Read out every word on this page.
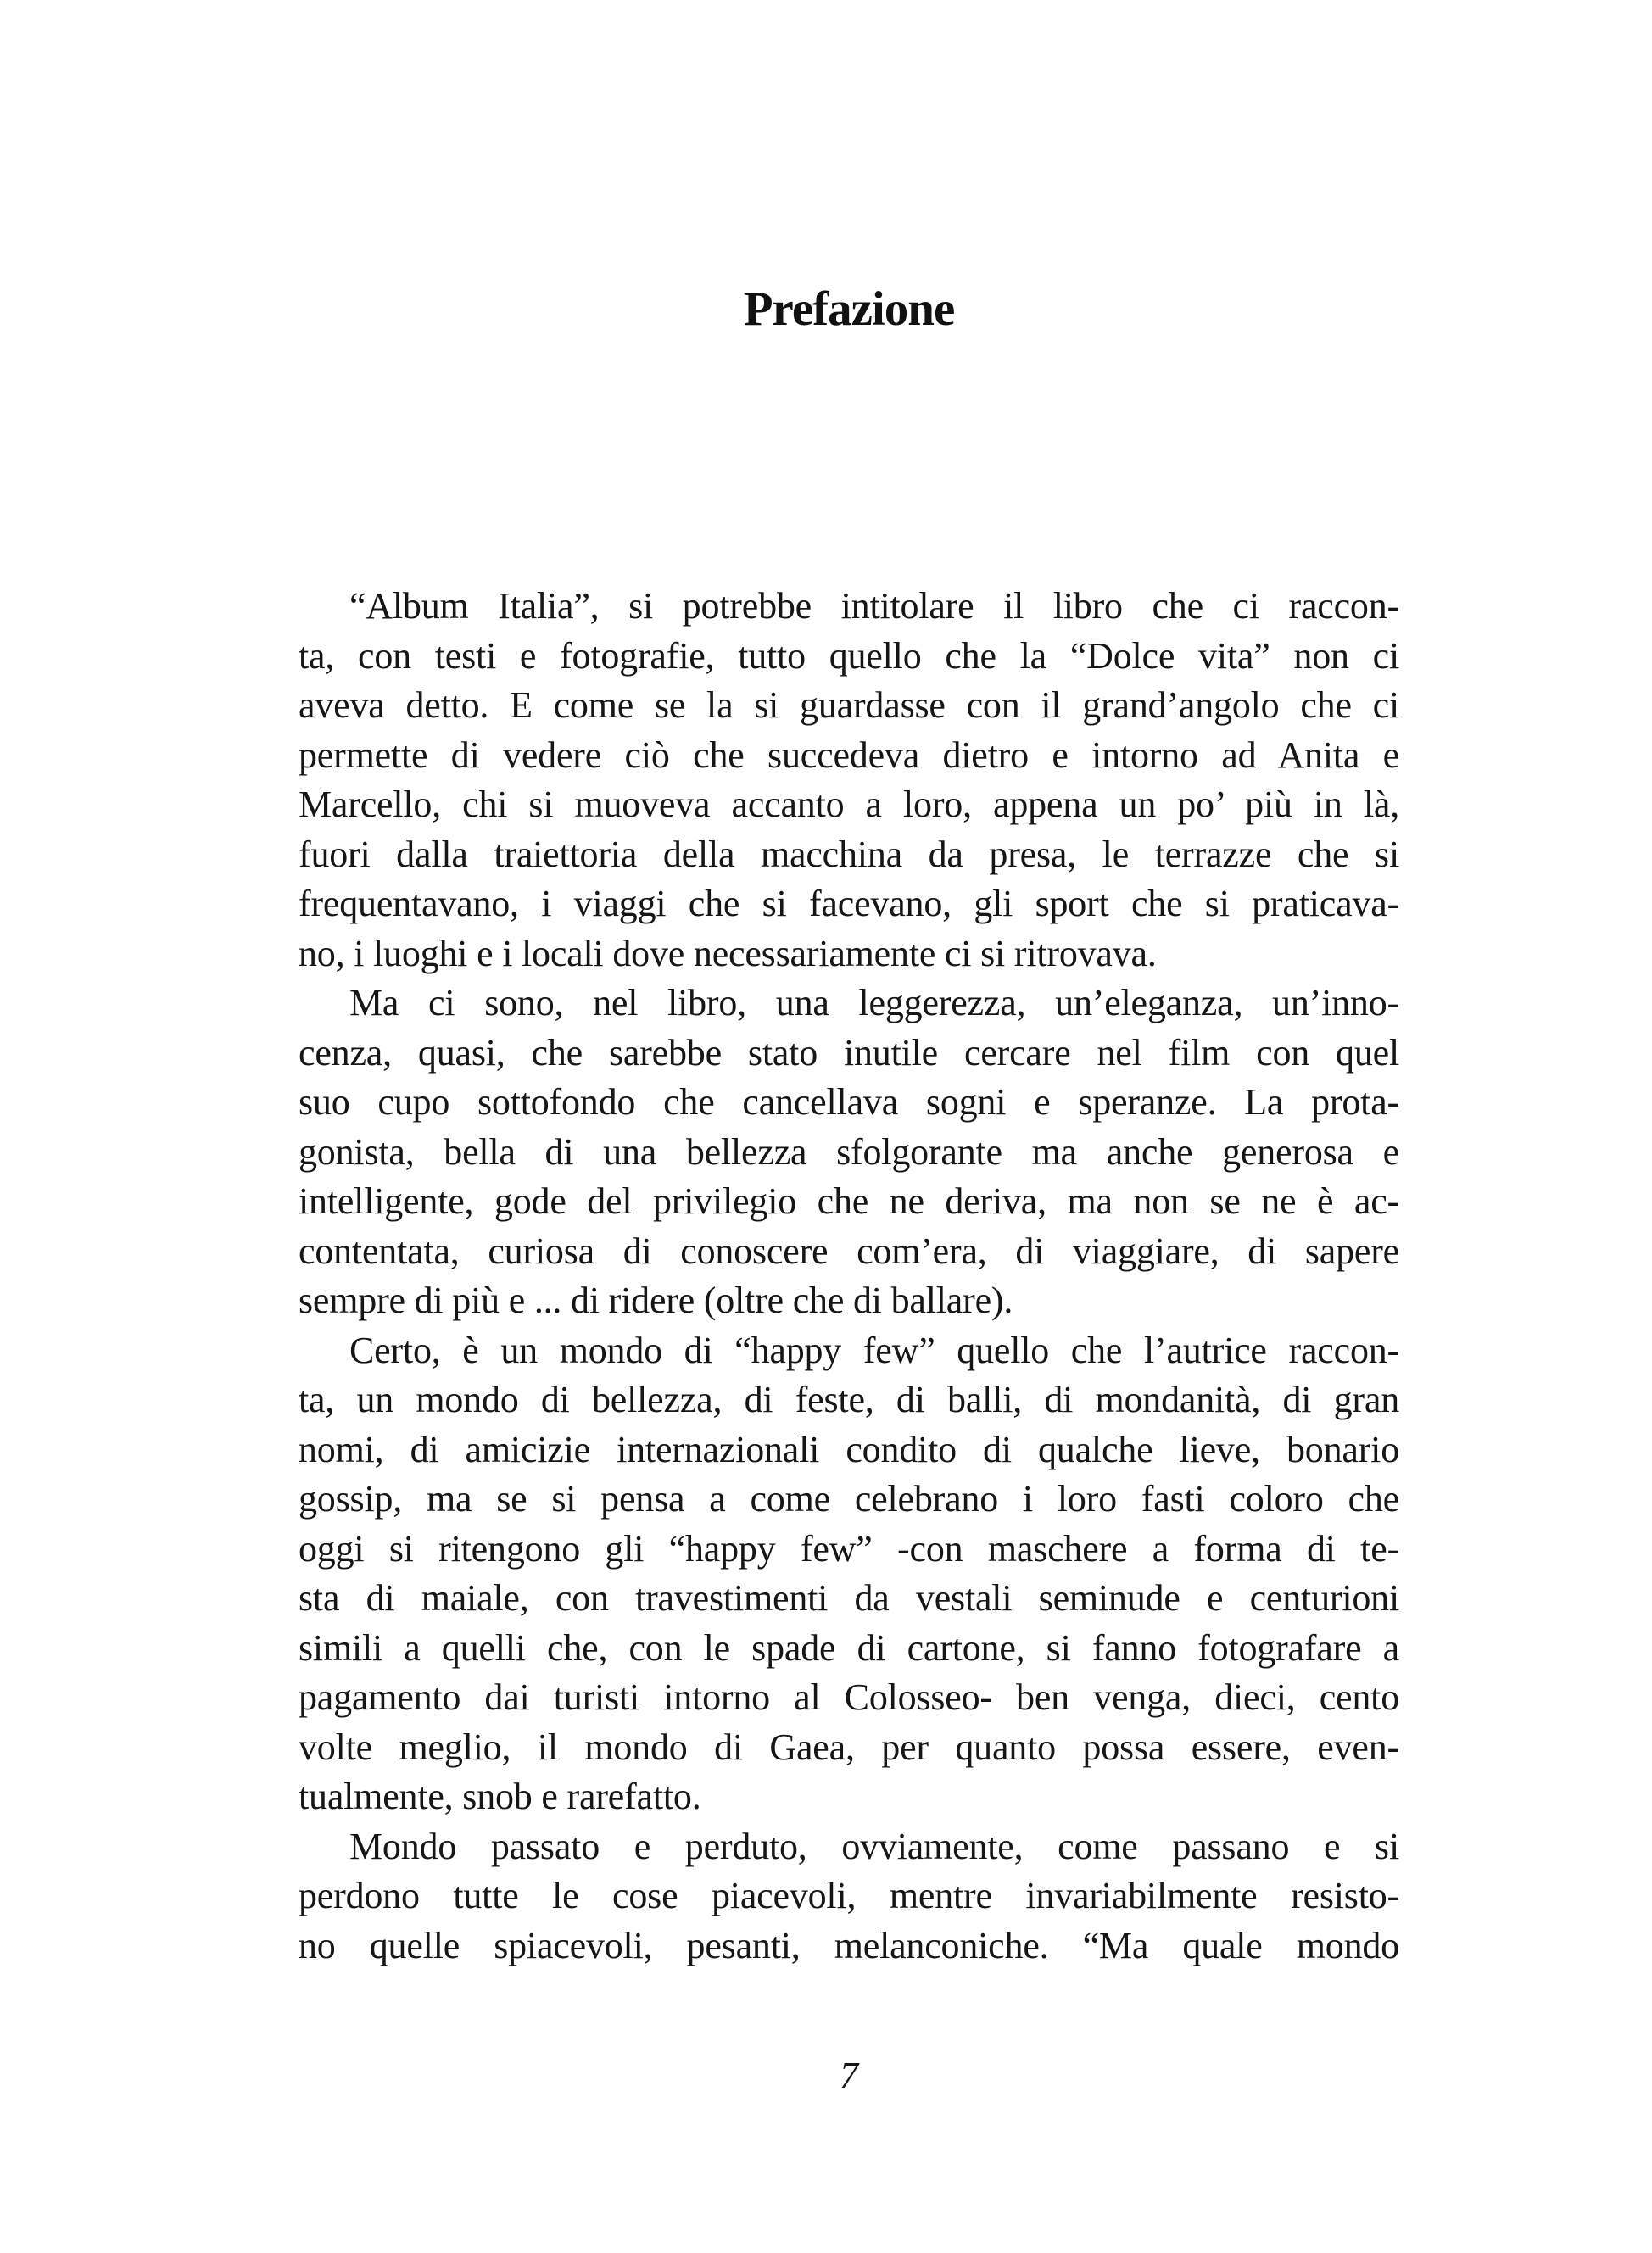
Prefazione
“Album Italia”, si potrebbe intitolare il libro che ci raccon-
ta, con testi e fotografie, tutto quello che la “Dolce vita” non ci
aveva detto. E come se la si guardasse con il grand’angolo che ci
permette di vedere ciò che succedeva dietro e intorno ad Anita e
Marcello, chi si muoveva accanto a loro, appena un po’ più in là,
fuori dalla traiettoria della macchina da presa, le terrazze che si
frequentavano, i viaggi che si facevano, gli sport che si praticava-
no, i luoghi e i locali dove necessariamente ci si ritrovava.
Ma ci sono, nel libro, una leggerezza, un’eleganza, un’inno-
cenza, quasi, che sarebbe stato inutile cercare nel film con quel
suo cupo sottofondo che cancellava sogni e speranze. La prota-
gonista, bella di una bellezza sfolgorante ma anche generosa e
intelligente, gode del privilegio che ne deriva, ma non se ne è ac-
contentata, curiosa di conoscere com’era, di viaggiare, di sapere
sempre di più e ... di ridere (oltre che di ballare).
Certo, è un mondo di “happy few” quello che l’autrice raccon-
ta, un mondo di bellezza, di feste, di balli, di mondanità, di gran
nomi, di amicizie internazionali condito di qualche lieve, bonario
gossip, ma se si pensa a come celebrano i loro fasti coloro che
oggi si ritengono gli “happy few” -con maschere a forma di te-
sta di maiale, con travestimenti da vestali seminude e centurioni
simili a quelli che, con le spade di cartone, si fanno fotografare a
pagamento dai turisti intorno al Colosseo- ben venga, dieci, cento
volte meglio, il mondo di Gaea, per quanto possa essere, even-
tualmente, snob e rarefatto.
Mondo passato e perduto, ovviamente, come passano e si
perdono tutte le cose piacevoli, mentre invariabilmente resisto-
no quelle spiacevoli, pesanti, melanconiche. “Ma quale mondo
7
